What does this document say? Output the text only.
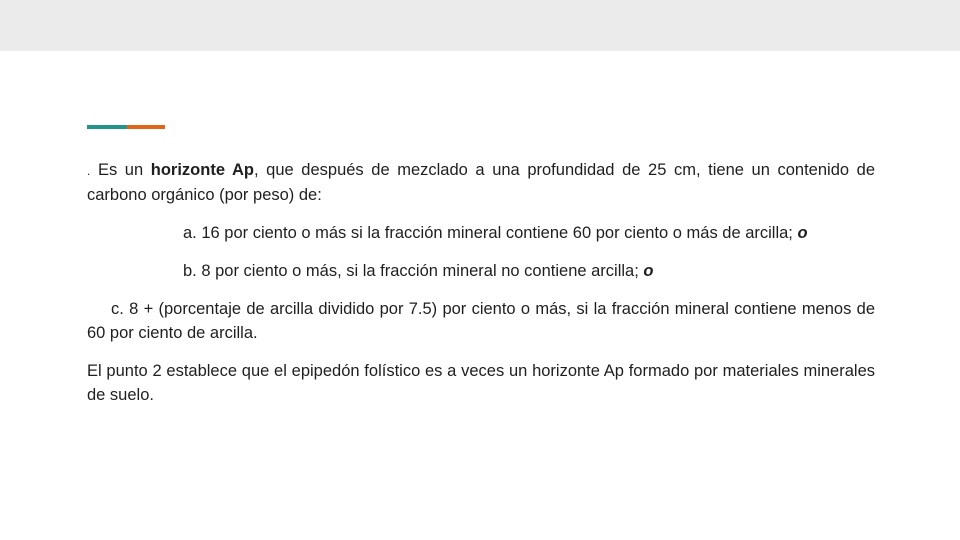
. Es un horizonte Ap, que después de mezclado a una profundidad de 25 cm, tiene un contenido de carbono orgánico (por peso) de:

a. 16 por ciento o más si la fracción mineral contiene 60 por ciento o más de arcilla; o

b. 8 por ciento o más, si la fracción mineral no contiene arcilla; o

c. 8 + (porcentaje de arcilla dividido por 7.5) por ciento o más, si la fracción mineral contiene menos de 60 por ciento de arcilla.

El punto 2 establece que el epipedón folístico es a veces un horizonte Ap formado por materiales minerales de suelo.
